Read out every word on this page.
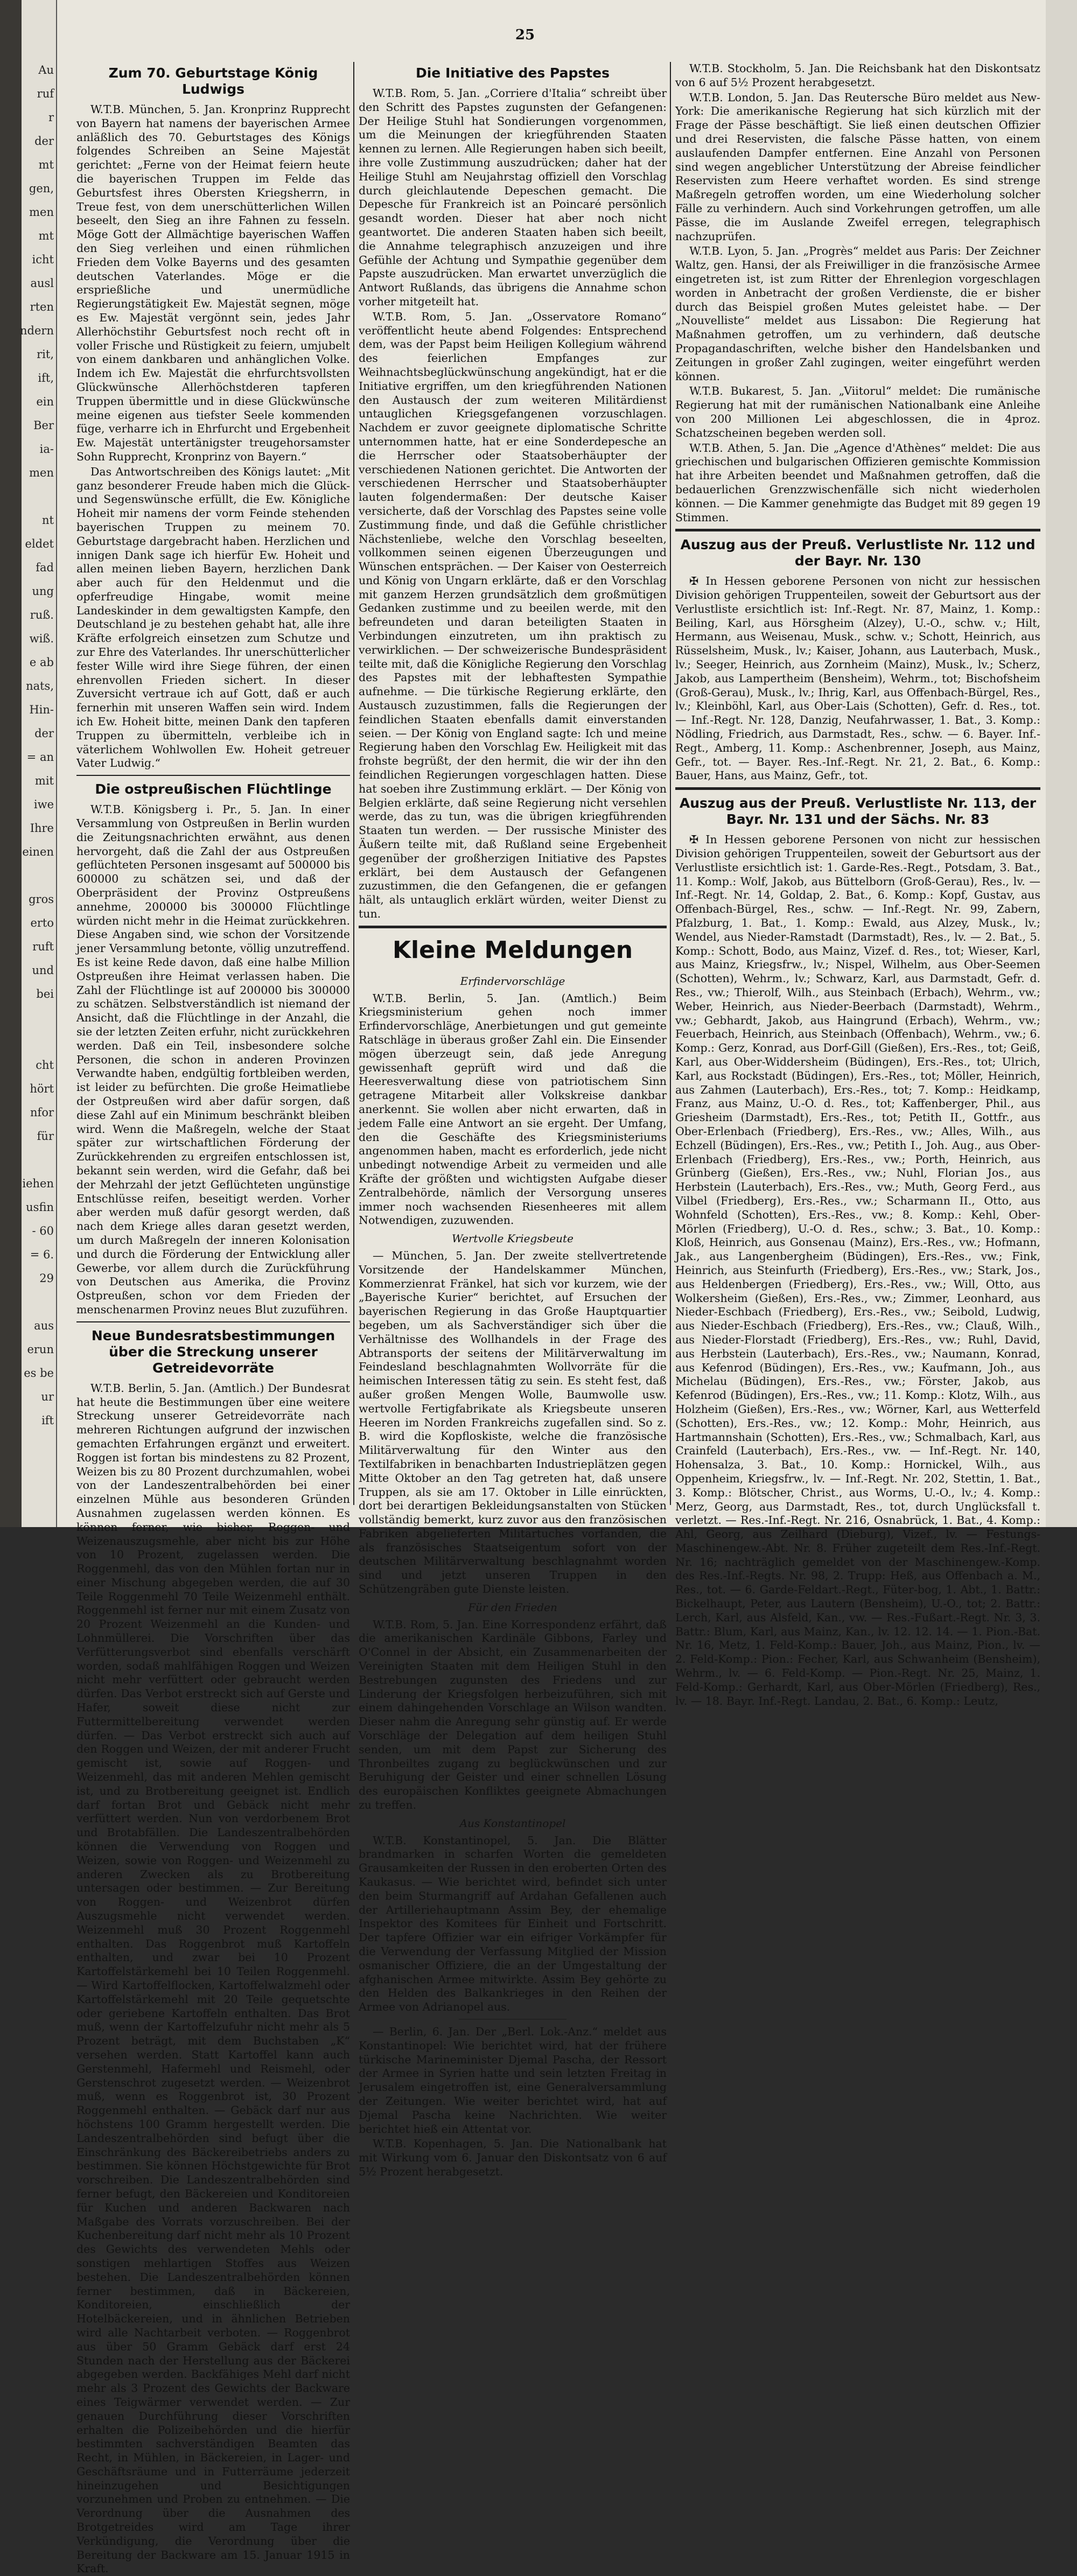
Au
ruf
r
der
mt
gen,
men
mt
icht
ausl
rten
ndern
rit,
ift,
ein
Ber
ia-
men
nt
eldet
fad
ung
ruß.
wiß.
e ab
nats,
Hin-
der
= an
mit
iwe
Ihre
einen
gros
erto
ruft
und
bei
cht
hört
nfor
für
iehen
usfin
- 60
= 6.
29
aus
erun
es be
ur
ift
25
Zum 70. Geburtstage König Ludwigs

W.T.B. München, 5. Jan. Kronprinz Rupprecht von Bayern hat namens der bayerischen Armee anläßlich des 70. Geburtstages des Königs folgendes Schreiben an Seine Majestät gerichtet: „Ferne von der Heimat feiern heute die bayerischen Truppen im Felde das Geburtsfest ihres Obersten Kriegsherrn, in Treue fest, von dem unerschütterlichen Willen beseelt, den Sieg an ihre Fahnen zu fesseln. Möge Gott der Allmächtige bayerischen Waffen den Sieg verleihen und einen rühmlichen Frieden dem Volke Bayerns und des gesamten deutschen Vaterlandes. Möge er die ersprießliche und unermüdliche Regierungstätigkeit Ew. Majestät segnen, möge es Ew. Majestät vergönnt sein, jedes Jahr Allerhöchstihr Geburtsfest noch recht oft in voller Frische und Rüstigkeit zu feiern, umjubelt von einem dankbaren und anhänglichen Volke. Indem ich Ew. Majestät die ehrfurchtsvollsten Glückwünsche Allerhöchstderen tapferen Truppen übermittle und in diese Glückwünsche meine eigenen aus tiefster Seele kommenden füge, verharre ich in Ehrfurcht und Ergebenheit Ew. Majestät untertänigster treugehorsamster Sohn Rupprecht, Kronprinz von Bayern.“

Das Antwortschreiben des Königs lautet: „Mit ganz besonderer Freude haben mich die Glück- und Segenswünsche erfüllt, die Ew. Königliche Hoheit mir namens der vorm Feinde stehenden bayerischen Truppen zu meinem 70. Geburtstage dargebracht haben. Herzlichen und innigen Dank sage ich hierfür Ew. Hoheit und allen meinen lieben Bayern, herzlichen Dank aber auch für den Heldenmut und die opferfreudige Hingabe, womit meine Landeskinder in dem gewaltigsten Kampfe, den Deutschland je zu bestehen gehabt hat, alle ihre Kräfte erfolgreich einsetzen zum Schutze und zur Ehre des Vaterlandes. Ihr unerschütterlicher fester Wille wird ihre Siege führen, der einen ehrenvollen Frieden sichert. In dieser Zuversicht vertraue ich auf Gott, daß er auch fernerhin mit unseren Waffen sein wird. Indem ich Ew. Hoheit bitte, meinen Dank den tapferen Truppen zu übermitteln, verbleibe ich in väterlichem Wohlwollen Ew. Hoheit getreuer Vater Ludwig.“

Die ostpreußischen Flüchtlinge

W.T.B. Königsberg i. Pr., 5. Jan. In einer Versammlung von Ostpreußen in Berlin wurden die Zeitungsnachrichten erwähnt, aus denen hervorgeht, daß die Zahl der aus Ostpreußen geflüchteten Personen insgesamt auf 500000 bis 600000 zu schätzen sei, und daß der Oberpräsident der Provinz Ostpreußens annehme, 200000 bis 300000 Flüchtlinge würden nicht mehr in die Heimat zurückkehren. Diese Angaben sind, wie schon der Vorsitzende jener Versammlung betonte, völlig unzutreffend. Es ist keine Rede davon, daß eine halbe Million Ostpreußen ihre Heimat verlassen haben. Die Zahl der Flüchtlinge ist auf 200000 bis 300000 zu schätzen. Selbstverständlich ist niemand der Ansicht, daß die Flüchtlinge in der Anzahl, die sie der letzten Zeiten erfuhr, nicht zurückkehren werden. Daß ein Teil, insbesondere solche Personen, die schon in anderen Provinzen Verwandte haben, endgültig fortbleiben werden, ist leider zu befürchten. Die große Heimatliebe der Ostpreußen wird aber dafür sorgen, daß diese Zahl auf ein Minimum beschränkt bleiben wird. Wenn die Maßregeln, welche der Staat später zur wirtschaftlichen Förderung der Zurückkehrenden zu ergreifen entschlossen ist, bekannt sein werden, wird die Gefahr, daß bei der Mehrzahl der jetzt Geflüchteten ungünstige Entschlüsse reifen, beseitigt werden. Vorher aber werden muß dafür gesorgt werden, daß nach dem Kriege alles daran gesetzt werden, um durch Maßregeln der inneren Kolonisation und durch die Förderung der Entwicklung aller Gewerbe, vor allem durch die Zurückführung von Deutschen aus Amerika, die Provinz Ostpreußen, schon vor dem Frieden der menschenarmen Provinz neues Blut zuzuführen.

Neue Bundesratsbestimmungen über die Streckung unserer Getreidevorräte

W.T.B. Berlin, 5. Jan. (Amtlich.) Der Bundesrat hat heute die Bestimmungen über eine weitere Streckung unserer Getreidevorräte nach mehreren Richtungen aufgrund der inzwischen gemachten Erfahrungen ergänzt und erweitert. Roggen ist fortan bis mindestens zu 82 Prozent, Weizen bis zu 80 Prozent durchzumahlen, wobei von der Landeszentralbehörden bei einer einzelnen Mühle aus besonderen Gründen Ausnahmen zugelassen werden können. Es können ferner, wie bisher, Roggen- und Weizenauszugsmehle, aber nicht bis zur Höhe von 10 Prozent, zugelassen werden. Die Roggenmehl, das von den Mühlen fortan nur in einer Mischung abgegeben werden, die auf 30 Teile Roggenmehl 70 Teile Weizenmehl enthält. Roggenmehl ist ferner nur mit einem Zusatz von 20 Prozent Weizenmehl an die Kunden- und Lohnmüllerei. Die Vorschriften über das Verfütterungsverbot sind ebenfalls verschärft worden, sodaß mahlfähigen Roggen und Weizen nicht mehr verfüttert oder gebraucht werden dürfen. Das Verbot erstreckt sich auf Gerste und Hafer, soweit diese nicht zur Futtermittelbereitung verwendet werden dürfen. — Das Verbot erstreckt sich auch auf den Roggen und Weizen, der mit anderer Frucht gemischt ist, sowie auf Roggen- und Weizenmehl, das mit anderen Mehlen gemischt ist, und zu Brotbereitung geeignet ist. Endlich darf fortan Brot und Gebäck nicht mehr verfüttert werden. Nun von verdorbenem Brot und Brotabfällen. Die Landeszentralbehörden können die Verwendung von Roggen und Weizen, sowie von Roggen- und Weizenmehl zu anderen Zwecken als zu Brotbereitung untersagen oder bestimmen. — Zur Bereitung von Roggen- und Weizenbrot dürfen Auszugsmehle nicht verwendet werden. Weizenmehl muß 30 Prozent Roggenmehl enthalten. Das Roggenbrot muß Kartoffeln enthalten, und zwar bei 10 Prozent Kartoffelstärkemehl bei 10 Teilen Roggenmehl. — Wird Kartoffelflocken, Kartoffelwalzmehl oder Kartoffelstärkemehl mit 20 Teile gequetschte oder geriebene Kartoffeln enthalten. Das Brot muß, wenn der Kartoffelzufuhr nicht mehr als 5 Prozent beträgt, mit dem Buchstaben „K“ versehen werden. Statt Kartoffel kann auch Gerstenmehl, Hafermehl und Reismehl, oder Gerstenschrot zugesetzt werden. — Weizenbrot muß, wenn es Roggenbrot ist, 30 Prozent Roggenmehl enthalten. — Gebäck darf nur aus höchstens 100 Gramm hergestellt werden. Die Landeszentralbehörden sind befugt über die Einschränkung des Bäckereibetriebs anders zu bestimmen. Sie können Höchstgewichte für Brot vorschreiben. Die Landeszentralbehörden sind ferner befugt, den Bäckereien und Konditoreien für Kuchen und anderen Backwaren nach Maßgabe des Vorrats vorzuschreiben. Bei der Kuchenbereitung darf nicht mehr als 10 Prozent des Gewichts des verwendeten Mehls oder sonstigen mehlartigen Stoffes aus Weizen bestehen. Die Landeszentralbehörden können ferner bestimmen, daß in Bäckereien, Konditoreien, einschließlich der Hotelbäckereien, und in ähnlichen Betrieben wird alle Nachtarbeit verboten. — Roggenbrot aus über 50 Gramm Gebäck darf erst 24 Stunden nach der Herstellung aus der Bäckerei abgegeben werden. Backfähiges Mehl darf nicht mehr als 3 Prozent des Gewichts der Backware eines Teigwärmer verwendet werden. — Zur genauen Durchführung dieser Vorschriften erhalten die Polizeibehörden und die hierfür bestimmten sachverständigen Beamten das Recht, in Mühlen, in Bäckereien, in Lager- und Geschäftsräume und in Futterräume jederzeit hineinzugehen und Besichtigungen vorzunehmen und Proben zu entnehmen. — Die Verordnung über die Ausnahmen des Brotgetreides wird am Tage ihrer Verkündigung, die Verordnung über die Bereitung der Backware am 15. Januar 1915 in Kraft.

Die Initiative des Papstes

W.T.B. Rom, 5. Jan. „Corriere d'Italia“ schreibt über den Schritt des Papstes zugunsten der Gefangenen: Der Heilige Stuhl hat Sondierungen vorgenommen, um die Meinungen der kriegführenden Staaten kennen zu lernen. Alle Regierungen haben sich beeilt, ihre volle Zustimmung auszudrücken; daher hat der Heilige Stuhl am Neujahrstag offiziell den Vorschlag durch gleichlautende Depeschen gemacht. Die Depesche für Frankreich ist an Poincaré persönlich gesandt worden. Dieser hat aber noch nicht geantwortet. Die anderen Staaten haben sich beeilt, die Annahme telegraphisch anzuzeigen und ihre Gefühle der Achtung und Sympathie gegenüber dem Papste auszudrücken. Man erwartet unverzüglich die Antwort Rußlands, das übrigens die Annahme schon vorher mitgeteilt hat.

W.T.B. Rom, 5. Jan. „Osservatore Romano“ veröffentlicht heute abend Folgendes: Entsprechend dem, was der Papst beim Heiligen Kollegium während des feierlichen Empfanges zur Weihnachtsbeglückwünschung angekündigt, hat er die Initiative ergriffen, um den kriegführenden Nationen den Austausch der zum weiteren Militärdienst untauglichen Kriegsgefangenen vorzuschlagen. Nachdem er zuvor geeignete diplomatische Schritte unternommen hatte, hat er eine Sonderdepesche an die Herrscher oder Staatsoberhäupter der verschiedenen Nationen gerichtet. Die Antworten der verschiedenen Herrscher und Staatsoberhäupter lauten folgendermaßen: Der deutsche Kaiser versicherte, daß der Vorschlag des Papstes seine volle Zustimmung finde, und daß die Gefühle christlicher Nächstenliebe, welche den Vorschlag beseelten, vollkommen seinen eigenen Überzeugungen und Wünschen entsprächen. — Der Kaiser von Oesterreich und König von Ungarn erklärte, daß er den Vorschlag mit ganzem Herzen grundsätzlich dem großmütigen Gedanken zustimme und zu beeilen werde, mit den befreundeten und daran beteiligten Staaten in Verbindungen einzutreten, um ihn praktisch zu verwirklichen. — Der schweizerische Bundespräsident teilte mit, daß die Königliche Regierung den Vorschlag des Papstes mit der lebhaftesten Sympathie aufnehme. — Die türkische Regierung erklärte, den Austausch zuzustimmen, falls die Regierungen der feindlichen Staaten ebenfalls damit einverstanden seien. — Der König von England sagte: Ich und meine Regierung haben den Vorschlag Ew. Heiligkeit mit das frohste begrüßt, der den hermit, die wir der ihn den feindlichen Regierungen vorgeschlagen hatten. Diese hat soeben ihre Zustimmung erklärt. — Der König von Belgien erklärte, daß seine Regierung nicht versehlen werde, das zu tun, was die übrigen kriegführenden Staaten tun werden. — Der russische Minister des Äußern teilte mit, daß Rußland seine Ergebenheit gegenüber der großherzigen Initiative des Papstes erklärt, bei dem Austausch der Gefangenen zuzustimmen, die den Gefangenen, die er gefangen hält, als untauglich erklärt würden, weiter Dienst zu tun.

Kleine Meldungen
Erfindervorschläge

W.T.B. Berlin, 5. Jan. (Amtlich.) Beim Kriegsministerium gehen noch immer Erfindervorschläge, Anerbietungen und gut gemeinte Ratschläge in überaus großer Zahl ein. Die Einsender mögen überzeugt sein, daß jede Anregung gewissenhaft geprüft wird und daß die Heeresverwaltung diese von patriotischem Sinn getragene Mitarbeit aller Volkskreise dankbar anerkennt. Sie wollen aber nicht erwarten, daß in jedem Falle eine Antwort an sie ergeht. Der Umfang, den die Geschäfte des Kriegsministeriums angenommen haben, macht es erforderlich, jede nicht unbedingt notwendige Arbeit zu vermeiden und alle Kräfte der größten und wichtigsten Aufgabe dieser Zentralbehörde, nämlich der Versorgung unseres immer noch wachsenden Riesenheeres mit allem Notwendigen, zuzuwenden.

Wertvolle Kriegsbeute

— München, 5. Jan. Der zweite stellvertretende Vorsitzende der Handelskammer München, Kommerzienrat Fränkel, hat sich vor kurzem, wie der „Bayerische Kurier“ berichtet, auf Ersuchen der bayerischen Regierung in das Große Hauptquartier begeben, um als Sachverständiger sich über die Verhältnisse des Wollhandels in der Frage des Abtransports der seitens der Militärverwaltung im Feindesland beschlagnahmten Wollvorräte für die heimischen Interessen tätig zu sein. Es steht fest, daß außer großen Mengen Wolle, Baumwolle usw. wertvolle Fertigfabrikate als Kriegsbeute unseren Heeren im Norden Frankreichs zugefallen sind. So z. B. wird die Kopfloskiste, welche die französische Militärverwaltung für den Winter aus den Textilfabriken in benachbarten Industrieplätzen gegen Mitte Oktober an den Tag getreten hat, daß unsere Truppen, als sie am 17. Oktober in Lille einrückten, dort bei derartigen Bekleidungsanstalten von Stücken vollständig bemerkt, kurz zuvor aus den französischen Fabriken abgelieferten Militärtuches vorfanden, die als französisches Staatseigentum sofort von der deutschen Militärverwaltung beschlagnahmt worden sind und jetzt unseren Truppen in den Schützengräben gute Dienste leisten.

Für den Frieden

W.T.B. Rom, 5. Jan. Eine Korrespondenz erfährt, daß die amerikanischen Kardinäle Gibbons, Farley und O'Connel in der Absicht, ein Zusammenarbeiten der Vereinigten Staaten mit dem Heiligen Stuhl in den Bestrebungen zugunsten des Friedens und zur Linderung der Kriegsfolgen herbeizuführen, sich mit einem dahingehenden Vorschlage an Wilson wandten. Dieser nahm die Anregung sehr günstig auf. Er werde Vorschläge der Delegation auf dem heiligen Stuhl senden, um mit dem Papst zur Sicherung des Thronbeiltes zugang zu beglückwünschen und zur Beruhigung der Geister und einer schnellen Lösung des europäischen Konfliktes geeignete Abmachungen zu treffen.

Aus Konstantinopel

W.T.B. Konstantinopel, 5. Jan. Die Blätter brandmarken in scharfen Worten die gemeldeten Grausamkeiten der Russen in den eroberten Orten des Kaukasus. — Wie berichtet wird, befindet sich unter den beim Sturmangriff auf Ardahan Gefallenen auch der Artilleriehauptmann Assim Bey, der ehemalige Inspektor des Komitees für Einheit und Fortschritt. Der tapfere Offizier war ein eifriger Vorkämpfer für die Verwendung der Verfassung Mitglied der Mission osmanischer Offiziere, die an der Umgestaltung der afghanischen Armee mitwirkte. Assim Bey gehörte zu den Helden des Balkankrieges in den Reihen der Armee von Adrianopel aus.

— Berlin, 6. Jan. Der „Berl. Lok.-Anz.“ meldet aus Konstantinopel: Wie berichtet wird, hat der frühere türkische Marineminister Djemal Pascha, der Ressort der Armee in Syrien hatte und sein letzten Freitag in Jerusalem eingetroffen ist, eine Generalversammlung der Zeitungen. Wie weiter berichtet wird, hat auf Djemal Pascha keine Nachrichten. Wie weiter berichtet hieß ein Attentat vor.

W.T.B. Kopenhagen, 5. Jan. Die Nationalbank hat mit Wirkung vom 6. Januar den Diskontsatz von 6 auf 5½ Prozent herabgesetzt.

W.T.B. Stockholm, 5. Jan. Die Reichsbank hat den Diskontsatz von 6 auf 5½ Prozent herabgesetzt.

W.T.B. London, 5. Jan. Das Reutersche Büro meldet aus New-York: Die amerikanische Regierung hat sich kürzlich mit der Frage der Pässe beschäftigt. Sie ließ einen deutschen Offizier und drei Reservisten, die falsche Pässe hatten, von einem auslaufenden Dampfer entfernen. Eine Anzahl von Personen sind wegen angeblicher Unterstützung der Abreise feindlicher Reservisten zum Heere verhaftet worden. Es sind strenge Maßregeln getroffen worden, um eine Wiederholung solcher Fälle zu verhindern. Auch sind Vorkehrungen getroffen, um alle Pässe, die im Auslande Zweifel erregen, telegraphisch nachzuprüfen.

W.T.B. Lyon, 5. Jan. „Progrès“ meldet aus Paris: Der Zeichner Waltz, gen. Hansi, der als Freiwilliger in die französische Armee eingetreten ist, ist zum Ritter der Ehrenlegion vorgeschlagen worden in Anbetracht der großen Verdienste, die er bisher durch das Beispiel großen Mutes geleistet habe. — Der „Nouvelliste“ meldet aus Lissabon: Die Regierung hat Maßnahmen getroffen, um zu verhindern, daß deutsche Propagandaschriften, welche bisher den Handelsbanken und Zeitungen in großer Zahl zugingen, weiter eingeführt werden können.

W.T.B. Bukarest, 5. Jan. „Viitorul“ meldet: Die rumänische Regierung hat mit der rumänischen Nationalbank eine Anleihe von 200 Millionen Lei abgeschlossen, die in 4proz. Schatzscheinen begeben werden soll.

W.T.B. Athen, 5. Jan. Die „Agence d'Athènes“ meldet: Die aus griechischen und bulgarischen Offizieren gemischte Kommission hat ihre Arbeiten beendet und Maßnahmen getroffen, daß die bedauerlichen Grenzzwischenfälle sich nicht wiederholen können. — Die Kammer genehmigte das Budget mit 89 gegen 19 Stimmen.

Auszug aus der Preuß. Verlustliste Nr. 112 und der Bayr. Nr. 130

✠ In Hessen geborene Personen von nicht zur hessischen Division gehörigen Truppenteilen, soweit der Geburtsort aus der Verlustliste ersichtlich ist: Inf.-Regt. Nr. 87, Mainz, 1. Komp.: Beiling, Karl, aus Hörsgheim (Alzey), U.-O., schw. v.; Hilt, Hermann, aus Weisenau, Musk., schw. v.; Schott, Heinrich, aus Rüsselsheim, Musk., lv.; Kaiser, Johann, aus Lauterbach, Musk., lv.; Seeger, Heinrich, aus Zornheim (Mainz), Musk., lv.; Scherz, Jakob, aus Lampertheim (Bensheim), Wehrm., tot; Bischofsheim (Groß-Gerau), Musk., lv.; Ihrig, Karl, aus Offenbach-Bürgel, Res., lv.; Kleinböhl, Karl, aus Ober-Lais (Schotten), Gefr. d. Res., tot. — Inf.-Regt. Nr. 128, Danzig, Neufahrwasser, 1. Bat., 3. Komp.: Nödling, Friedrich, aus Darmstadt, Res., schw. — 6. Bayer. Inf.-Regt., Amberg, 11. Komp.: Aschenbrenner, Joseph, aus Mainz, Gefr., tot. — Bayer. Res.-Inf.-Regt. Nr. 21, 2. Bat., 6. Komp.: Bauer, Hans, aus Mainz, Gefr., tot.

Auszug aus der Preuß. Verlustliste Nr. 113, der Bayr. Nr. 131 und der Sächs. Nr. 83

✠ In Hessen geborene Personen von nicht zur hessischen Division gehörigen Truppenteilen, soweit der Geburtsort aus der Verlustliste ersichtlich ist: 1. Garde-Res.-Regt., Potsdam, 3. Bat., 11. Komp.: Wolf, Jakob, aus Büttelborn (Groß-Gerau), Res., lv. — Inf.-Regt. Nr. 14, Goldap, 2. Bat., 6. Komp.: Kopf, Gustav, aus Offenbach-Bürgel, Res., schw. — Inf.-Regt. Nr. 99, Zabern, Pfalzburg, 1. Bat., 1. Komp.: Ewald, aus Alzey, Musk., lv.; Wendel, aus Nieder-Ramstadt (Darmstadt), Res., lv. — 2. Bat., 5. Komp.: Schott, Bodo, aus Mainz, Vizef. d. Res., tot; Wieser, Karl, aus Mainz, Kriegsfrw., lv.; Nispel, Wilhelm, aus Ober-Seemen (Schotten), Wehrm., lv.; Schwarz, Karl, aus Darmstadt, Gefr. d. Res., vw.; Thierolf, Wilh., aus Steinbach (Erbach), Wehrm., vw.; Weber, Heinrich, aus Nieder-Beerbach (Darmstadt), Wehrm., vw.; Gebhardt, Jakob, aus Haingrund (Erbach), Wehrm., vw.; Feuerbach, Heinrich, aus Steinbach (Offenbach), Wehrm., vw.; 6. Komp.: Gerz, Konrad, aus Dorf-Gill (Gießen), Ers.-Res., tot; Geiß, Karl, aus Ober-Widdersheim (Büdingen), Ers.-Res., tot; Ulrich, Karl, aus Rockstadt (Büdingen), Ers.-Res., tot; Möller, Heinrich, aus Zahmen (Lauterbach), Ers.-Res., tot; 7. Komp.: Heidkamp, Franz, aus Mainz, U.-O. d. Res., tot; Kaffenberger, Phil., aus Griesheim (Darmstadt), Ers.-Res., tot; Petith II., Gottfr., aus Ober-Erlenbach (Friedberg), Ers.-Res., vw.; Alles, Wilh., aus Echzell (Büdingen), Ers.-Res., vw.; Petith I., Joh. Aug., aus Ober-Erlenbach (Friedberg), Ers.-Res., vw.; Porth, Heinrich, aus Grünberg (Gießen), Ers.-Res., vw.; Nuhl, Florian Jos., aus Herbstein (Lauterbach), Ers.-Res., vw.; Muth, Georg Ferd., aus Vilbel (Friedberg), Ers.-Res., vw.; Scharmann II., Otto, aus Wohnfeld (Schotten), Ers.-Res., vw.; 8. Komp.: Kehl, Ober-Mörlen (Friedberg), U.-O. d. Res., schw.; 3. Bat., 10. Komp.: Kloß, Heinrich, aus Gonsenau (Mainz), Ers.-Res., vw.; Hofmann, Jak., aus Langenbergheim (Büdingen), Ers.-Res., vw.; Fink, Heinrich, aus Steinfurth (Friedberg), Ers.-Res., vw.; Stark, Jos., aus Heldenbergen (Friedberg), Ers.-Res., vw.; Will, Otto, aus Wolkersheim (Gießen), Ers.-Res., vw.; Zimmer, Leonhard, aus Nieder-Eschbach (Friedberg), Ers.-Res., vw.; Seibold, Ludwig, aus Nieder-Eschbach (Friedberg), Ers.-Res., vw.; Clauß, Wilh., aus Nieder-Florstadt (Friedberg), Ers.-Res., vw.; Ruhl, David, aus Herbstein (Lauterbach), Ers.-Res., vw.; Naumann, Konrad, aus Kefenrod (Büdingen), Ers.-Res., vw.; Kaufmann, Joh., aus Michelau (Büdingen), Ers.-Res., vw.; Förster, Jakob, aus Kefenrod (Büdingen), Ers.-Res., vw.; 11. Komp.: Klotz, Wilh., aus Holzheim (Gießen), Ers.-Res., vw.; Wörner, Karl, aus Wetterfeld (Schotten), Ers.-Res., vw.; 12. Komp.: Mohr, Heinrich, aus Hartmannshain (Schotten), Ers.-Res., vw.; Schmalbach, Karl, aus Crainfeld (Lauterbach), Ers.-Res., vw. — Inf.-Regt. Nr. 140, Hohensalza, 3. Bat., 10. Komp.: Hornickel, Wilh., aus Oppenheim, Kriegsfrw., lv. — Inf.-Regt. Nr. 202, Stettin, 1. Bat., 3. Komp.: Blötscher, Christ., aus Worms, U.-O., lv.; 4. Komp.: Merz, Georg, aus Darmstadt, Res., tot, durch Unglücksfall t. verletzt. — Res.-Inf.-Regt. Nr. 216, Osnabrück, 1. Bat., 4. Komp.: Ahl, Georg, aus Zeilhard (Dieburg), Vizef., lv. — Festungs-Maschinengew.-Abt. Nr. 8. Früher zugeteilt dem Res.-Inf.-Regt. Nr. 16; nachträglich gemeldet von der Maschinengew.-Komp. des Res.-Inf.-Regts. Nr. 98, 2. Trupp: Heß, aus Offenbach a. M., Res., tot. — 6. Garde-Feldart.-Regt., Füter-bog, 1. Abt., 1. Battr.: Bickelhaupt, Peter, aus Lautern (Bensheim), U.-O., tot; 2. Battr.: Lerch, Karl, aus Alsfeld, Kan., vw. — Res.-Fußart.-Regt. Nr. 3, 3. Battr.: Blum, Karl, aus Mainz, Kan., lv. 12. 12. 14. — 1. Pion.-Bat. Nr. 16, Metz, 1. Feld-Komp.: Bauer, Joh., aus Mainz, Pion., lv. — 2. Feld-Komp.: Pion.: Fecher, Karl, aus Schwanheim (Bensheim), Wehrm., lv. — 6. Feld-Komp. — Pion.-Regt. Nr. 25, Mainz, 1. Feld-Komp.: Gerhardt, Karl, aus Ober-Mörlen (Friedberg), Res., lv. — 18. Bayr. Inf.-Regt. Landau, 2. Bat., 6. Komp.: Leutz,
